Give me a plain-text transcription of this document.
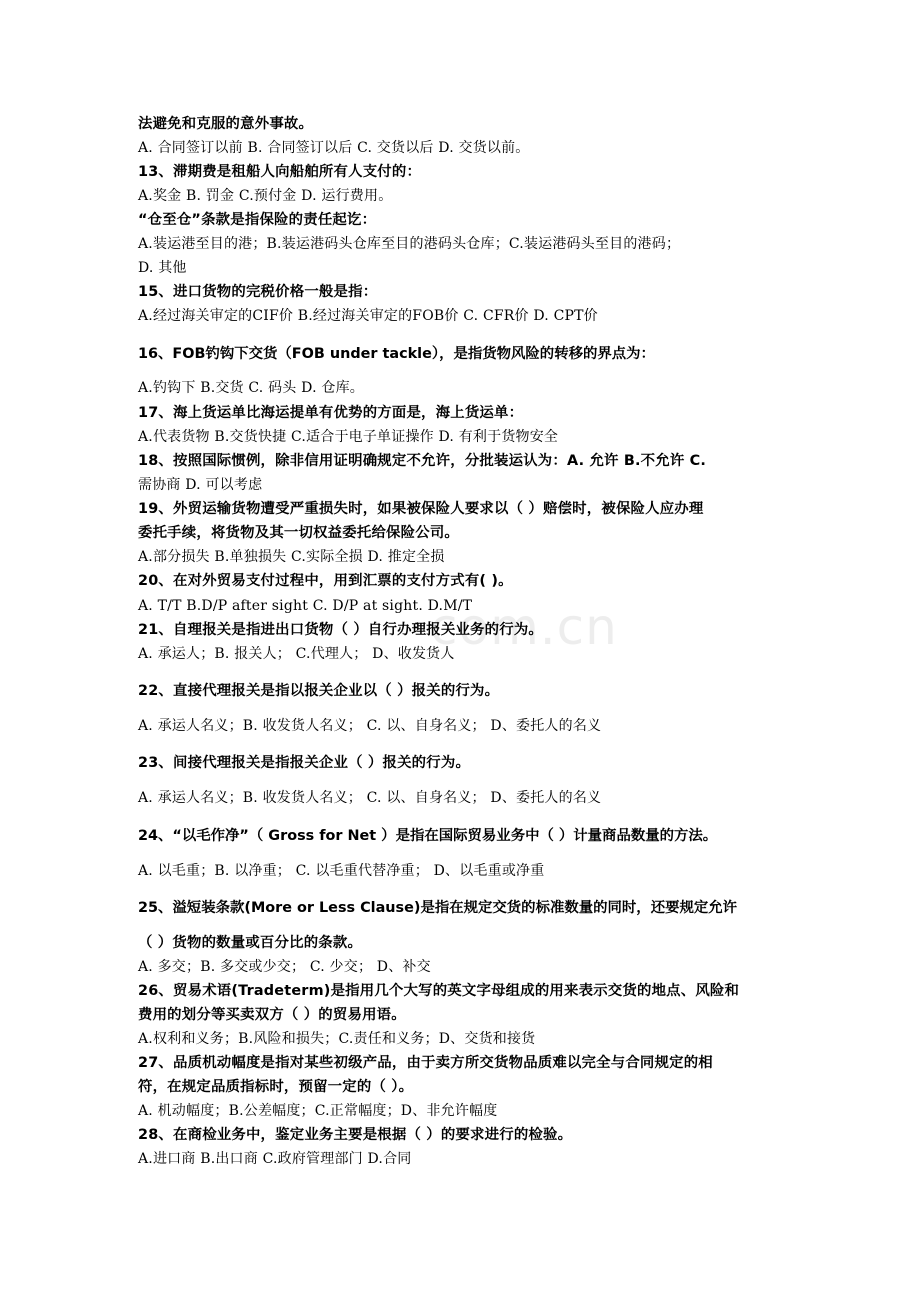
com.cn
法避免和克服的意外事故。
A. 合同签订以前 B. 合同签订以后 C. 交货以后 D. 交货以前。
13、滞期费是租船人向船舶所有人支付的：
A.奖金 B. 罚金 C.预付金 D. 运行费用。
“仓至仓”条款是指保险的责任起讫：
A.装运港至目的港；B.装运港码头仓库至目的港码头仓库；C.装运港码头至目的港码；
D. 其他
15、进口货物的完税价格一般是指：
A.经过海关审定的CIF价 B.经过海关审定的FOB价 C. CFR价 D. CPT价
16、FOB钓钩下交货（FOB under tackle），是指货物风险的转移的界点为：
A.钓钩下 B.交货 C. 码头 D. 仓库。
17、海上货运单比海运提单有优势的方面是，海上货运单：
A.代表货物 B.交货快捷 C.适合于电子单证操作 D. 有利于货物安全
18、按照国际惯例，除非信用证明确规定不允许，分批装运认为：A. 允许 B.不允许 C.
需协商 D. 可以考虑
19、外贸运输货物遭受严重损失时，如果被保险人要求以（ ）赔偿时，被保险人应办理
委托手续，将货物及其一切权益委托给保险公司。
A.部分损失 B.单独损失 C.实际全损 D. 推定全损
20、在对外贸易支付过程中，用到汇票的支付方式有( )。
A. T/T B.D/P after sight C. D/P at sight. D.M/T
21、自理报关是指进出口货物（ ）自行办理报关业务的行为。
A. 承运人；B. 报关人； C.代理人； D、收发货人
22、直接代理报关是指以报关企业以（ ）报关的行为。
A. 承运人名义；B. 收发货人名义； C. 以、自身名义； D、委托人的名义
23、间接代理报关是指报关企业（ ）报关的行为。
A. 承运人名义；B. 收发货人名义； C. 以、自身名义； D、委托人的名义
24、“以毛作净”（ Gross for Net ）是指在国际贸易业务中（ ）计量商品数量的方法。
A. 以毛重；B. 以净重； C. 以毛重代替净重； D、以毛重或净重
25、溢短装条款(More or Less Clause)是指在规定交货的标准数量的同时，还要规定允许
（ ）货物的数量或百分比的条款。
A. 多交；B. 多交或少交； C. 少交； D、补交
26、贸易术语(Tradeterm)是指用几个大写的英文字母组成的用来表示交货的地点、风险和
费用的划分等买卖双方（ ）的贸易用语。
A.权利和义务；B.风险和损失；C.责任和义务；D、交货和接货
27、品质机动幅度是指对某些初级产品，由于卖方所交货物品质难以完全与合同规定的相
符，在规定品质指标时，预留一定的（ ）。
A. 机动幅度；B.公差幅度；C.正常幅度；D、非允许幅度
28、在商检业务中，鉴定业务主要是根据（ ）的要求进行的检验。
A.进口商 B.出口商 C.政府管理部门 D.合同
